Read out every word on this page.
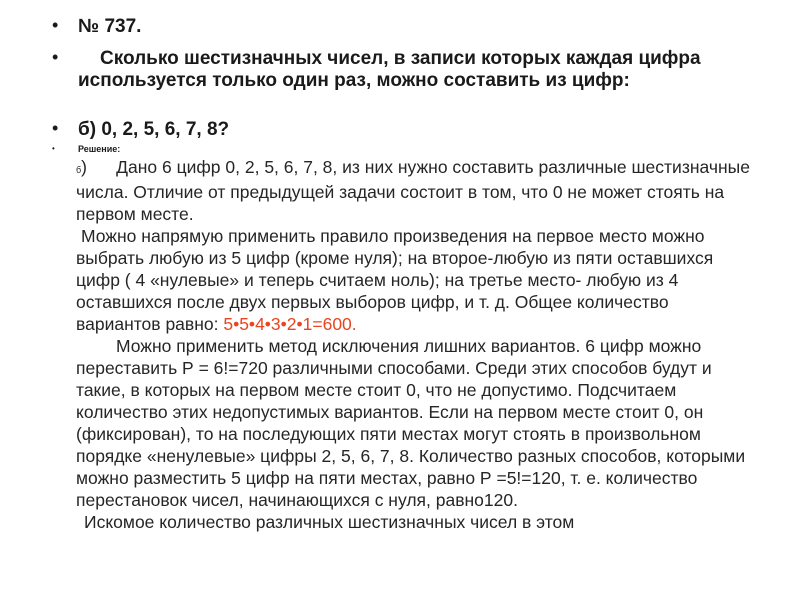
• № 737.
•	Сколько шестизначных чисел, в записи которых каждая цифра используется только один раз, можно составить из цифр:
• б) 0, 2, 5, 6, 7, 8?
•	Решение:

б) Дано 6 цифр 0, 2, 5, 6, 7, 8, из них нужно составить различные шестизначные числа. Отличие от предыдущей задачи состоит в том, что 0 не может стоять на первом месте.

Можно напрямую применить правило произведения на первое место можно выбрать любую из 5 цифр (кроме нуля); на второе-любую из пяти оставшихся цифр ( 4 «нулевые» и теперь считаем ноль); на третье место- любую из 4 оставшихся после двух первых выборов цифр, и т. д. Общее количество вариантов равно: 5•5•4•3•2•1=600.

Можно применить метод исключения лишних вариантов. 6 цифр можно переставить Р = 6!=720 различными способами. Среди этих способов будут и такие, в которых на первом месте стоит 0, что не допустимо. Подсчитаем количество этих недопустимых вариантов. Если на первом месте стоит 0, он (фиксирован), то на последующих пяти местах могут стоять в произвольном порядке «ненулевые» цифры 2, 5, 6, 7, 8. Количество разных способов, которыми можно разместить 5 цифр на пяти местах, равно Р =5!=120, т. е. количество перестановок чисел, начинающихся с нуля, равно120.

Искомое количество различных шестизначных чисел в этом
